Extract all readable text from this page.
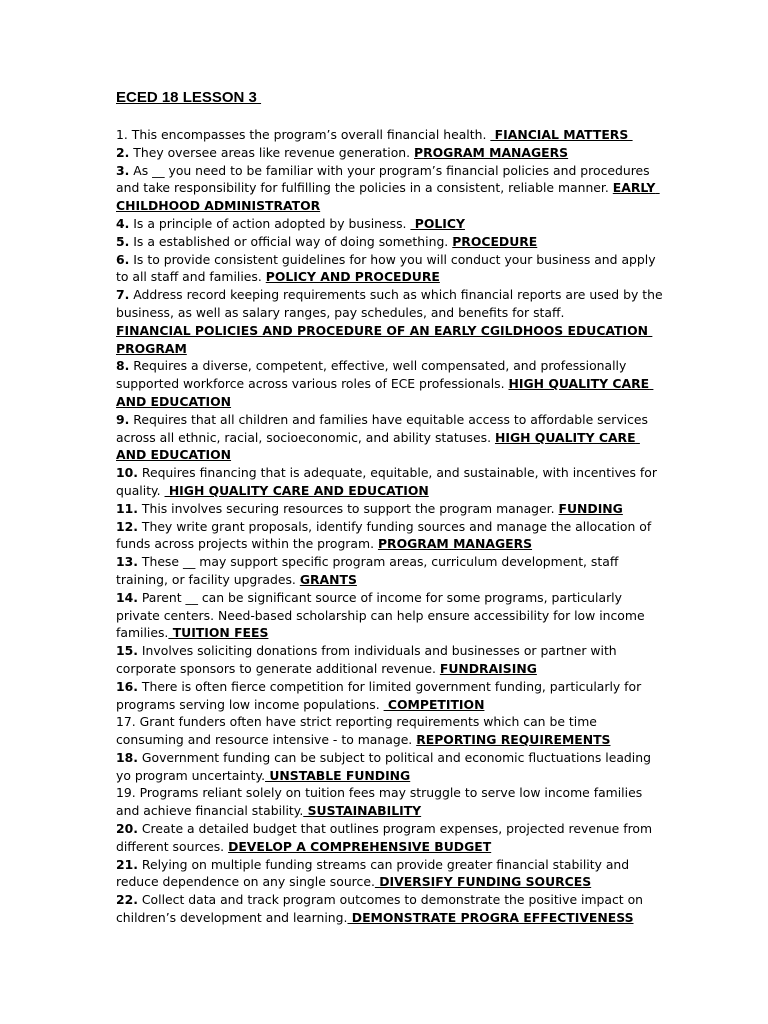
ECED 18 LESSON 3

1. This encompasses the program’s overall financial health.  FIANCIAL MATTERS

2. They oversee areas like revenue generation. PROGRAM MANAGERS

3. As __ you need to be familiar with your program’s financial policies and procedures and take responsibility for fulfilling the policies in a consistent, reliable manner. EARLY CHILDHOOD ADMINISTRATOR

4. Is a principle of action adopted by business.  POLICY

5. Is a established or official way of doing something. PROCEDURE

6. Is to provide consistent guidelines for how you will conduct your business and apply to all staff and families. POLICY AND PROCEDURE

7. Address record keeping requirements such as which financial reports are used by the business, as well as salary ranges, pay schedules, and benefits for staff.
FINANCIAL POLICIES AND PROCEDURE OF AN EARLY CGILDHOOS EDUCATION PROGRAM

8. Requires a diverse, competent, effective, well compensated, and professionally supported workforce across various roles of ECE professionals. HIGH QUALITY CARE AND EDUCATION

9. Requires that all children and families have equitable access to affordable services across all ethnic, racial, socioeconomic, and ability statuses. HIGH QUALITY CARE AND EDUCATION

10. Requires financing that is adequate, equitable, and sustainable, with incentives for quality.  HIGH QUALITY CARE AND EDUCATION

11. This involves securing resources to support the program manager. FUNDING

12. They write grant proposals, identify funding sources and manage the allocation of funds across projects within the program. PROGRAM MANAGERS

13. These __ may support specific program areas, curriculum development, staff training, or facility upgrades. GRANTS

14. Parent __ can be significant source of income for some programs, particularly private centers. Need-based scholarship can help ensure accessibility for low income families. TUITION FEES

15. Involves soliciting donations from individuals and businesses or partner with corporate sponsors to generate additional revenue. FUNDRAISING

16. There is often fierce competition for limited government funding, particularly for programs serving low income populations.  COMPETITION

17. Grant funders often have strict reporting requirements which can be time consuming and resource intensive - to manage. REPORTING REQUIREMENTS

18. Government funding can be subject to political and economic fluctuations leading yo program uncertainty. UNSTABLE FUNDING

19. Programs reliant solely on tuition fees may struggle to serve low income families and achieve financial stability. SUSTAINABILITY

20. Create a detailed budget that outlines program expenses, projected revenue from different sources. DEVELOP A COMPREHENSIVE BUDGET

21. Relying on multiple funding streams can provide greater financial stability and reduce dependence on any single source. DIVERSIFY FUNDING SOURCES

22. Collect data and track program outcomes to demonstrate the positive impact on children’s development and learning. DEMONSTRATE PROGRA EFFECTIVENESS
